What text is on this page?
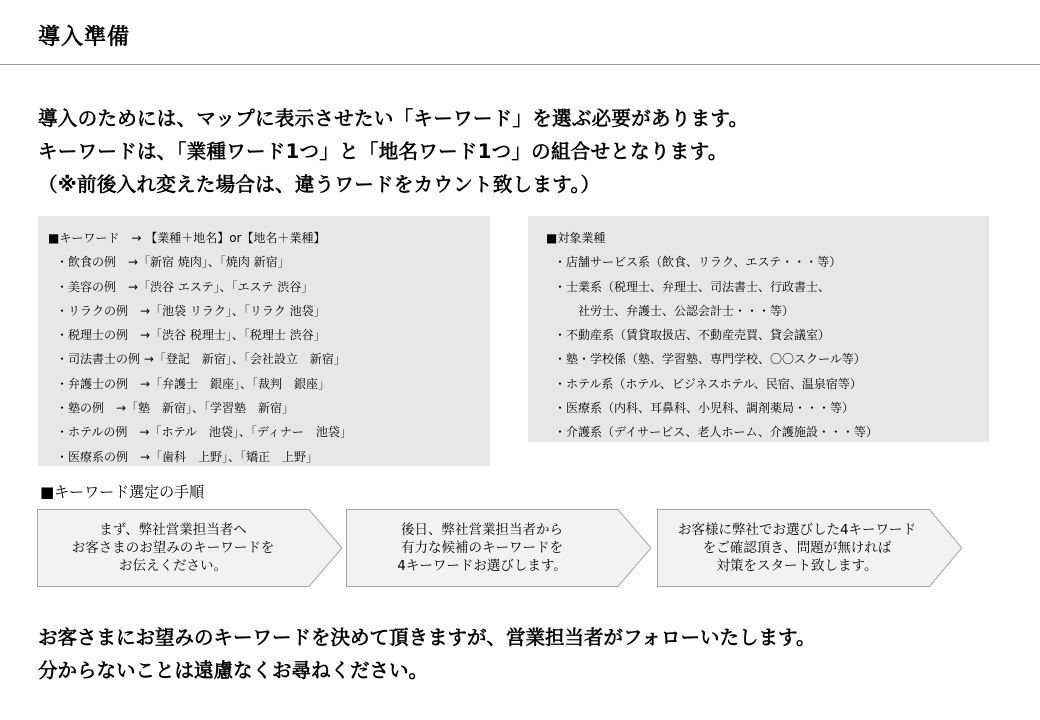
導入準備
導入のためには、マップに表示させたい「キーワード」を選ぶ必要があります。
キーワードは、「業種ワード1つ」と「地名ワード1つ」の組合せとなります。
（※前後入れ変えた場合は、違うワードをカウント致します。）
■キーワード　→ 【業種＋地名】or【地名＋業種】
・飲食の例　→「新宿 焼肉」、「焼肉 新宿」
・美容の例　→「渋谷 エステ」、「エステ 渋谷」
・リラクの例　→「池袋 リラク」、「リラク 池袋」
・税理士の例　→「渋谷 税理士」、「税理士 渋谷」
・司法書士の例 →「登記　新宿」、「会社設立　新宿」
・弁護士の例　→「弁護士　銀座」、「裁判　銀座」
・塾の例　→「塾　新宿」、「学習塾　新宿」
・ホテルの例　→「ホテル　池袋」、「ディナー　池袋」
・医療系の例　→「歯科　上野」、「矯正　上野」
■対象業種
・店舗サービス系（飲食、リラク、エステ・・・等）
・士業系（税理士、弁理士、司法書士、行政書士、
社労士、弁護士、公認会計士・・・等）
・不動産系（賃貸取扱店、不動産売買、貸会議室）
・塾・学校係（塾、学習塾、専門学校、〇〇スクール等）
・ホテル系（ホテル、ビジネスホテル、民宿、温泉宿等）
・医療系（内科、耳鼻科、小児科、調剤薬局・・・等）
・介護系（デイサービス、老人ホーム、介護施設・・・等）
■キーワード選定の手順
まず、弊社営業担当者へ
お客さまのお望みのキーワードを
お伝えください。
後日、弊社営業担当者から
有力な候補のキーワードを
4キーワードお選びします。
お客様に弊社でお選びした4キーワード
をご確認頂き、問題が無ければ
対策をスタート致します。
お客さまにお望みのキーワードを決めて頂きますが、営業担当者がフォローいたします。
分からないことは遠慮なくお尋ねください。
